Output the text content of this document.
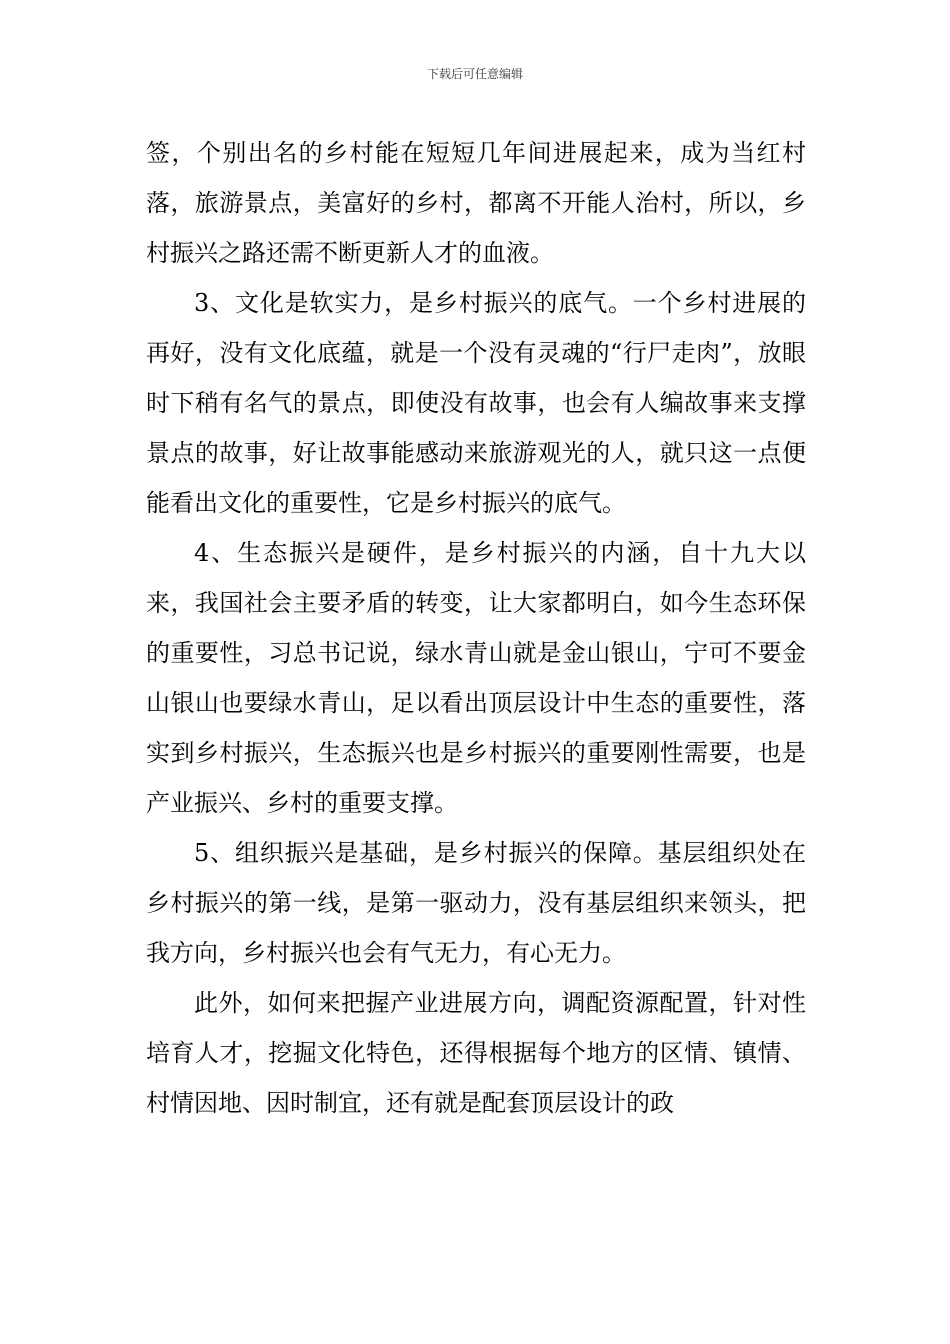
下载后可任意编辑

签，个别出名的乡村能在短短几年间进展起来，成为当红村落，旅游景点，美富好的乡村，都离不开能人治村，所以，乡村振兴之路还需不断更新人才的血液。

3、文化是软实力，是乡村振兴的底气。一个乡村进展的再好，没有文化底蕴，就是一个没有灵魂的“行尸走肉”，放眼时下稍有名气的景点，即使没有故事，也会有人编故事来支撑景点的故事，好让故事能感动来旅游观光的人，就只这一点便能看出文化的重要性，它是乡村振兴的底气。

4、生态振兴是硬件，是乡村振兴的内涵，自十九大以来，我国社会主要矛盾的转变，让大家都明白，如今生态环保的重要性，习总书记说，绿水青山就是金山银山，宁可不要金山银山也要绿水青山，足以看出顶层设计中生态的重要性，落实到乡村振兴，生态振兴也是乡村振兴的重要刚性需要，也是产业振兴、乡村的重要支撑。

5、组织振兴是基础，是乡村振兴的保障。基层组织处在乡村振兴的第一线，是第一驱动力，没有基层组织来领头，把我方向，乡村振兴也会有气无力，有心无力。

此外，如何来把握产业进展方向，调配资源配置，针对性培育人才，挖掘文化特色，还得根据每个地方的区情、镇情、村情因地、因时制宜，还有就是配套顶层设计的政
